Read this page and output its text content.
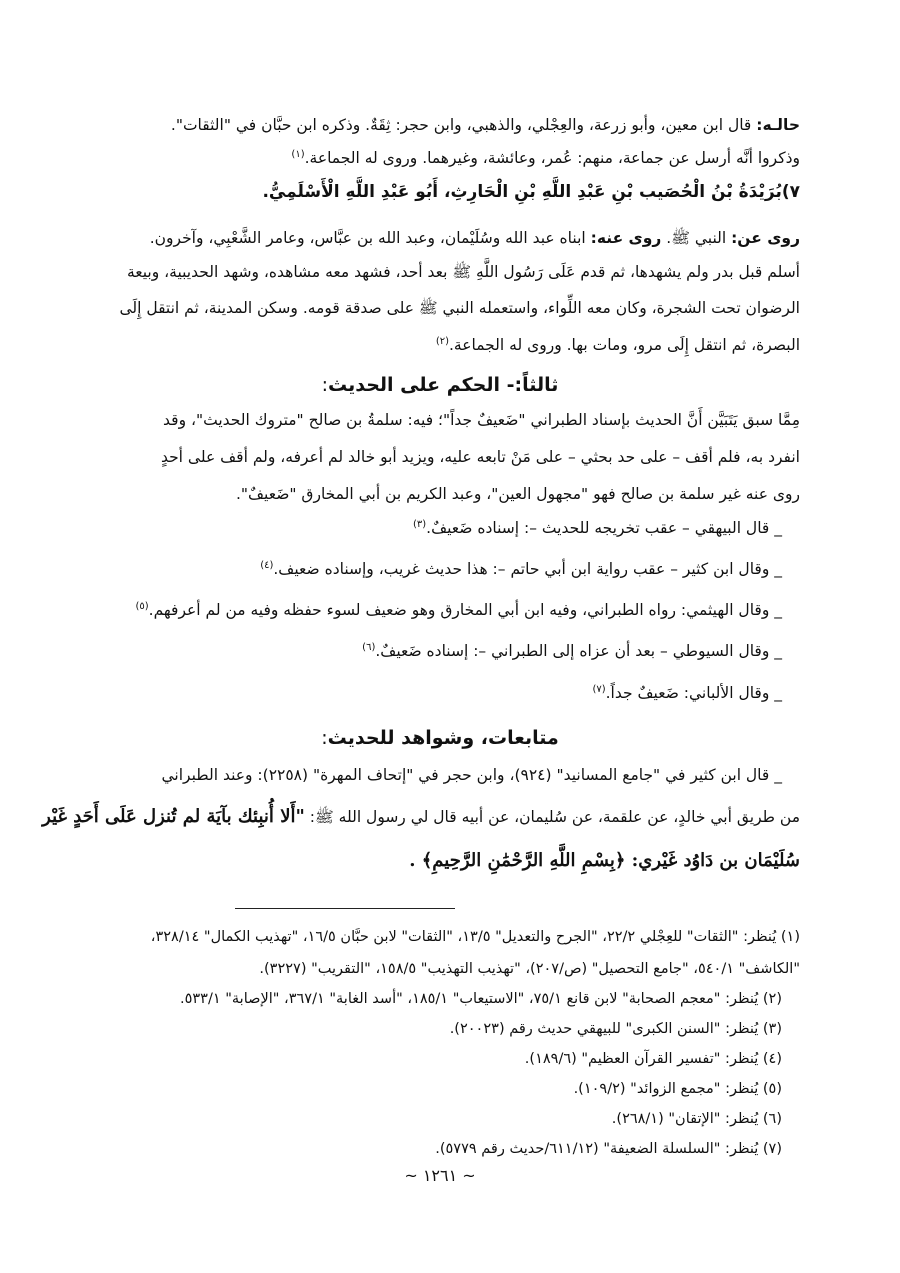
حالـه: قال ابن معين، وأبو زرعة، والعِجْلي، والذهبي، وابن حجر: ثِقَةٌ. وذكره ابن حبَّان في "الثقات".
وذكروا أنَّه أرسل عن جماعة، منهم: عُمر، وعائشة، وغيرهما. وروى له الجماعة.$^{(١)}$
٧)بُرَيْدَةُ بْنُ الْحُصَيب بْنِ عَبْدِ اللَّهِ بْنِ الْحَارِثِ، أَبُو عَبْدِ اللَّهِ الْأَسْلَمِيُّ.
روى عن: النبي ﷺ. روى عنه: ابناه عبد الله وسُلَيْمان، وعبد الله بن عبَّاس، وعامر الشَّعْبِي، وآخرون.
أسلم قبل بدر ولم يشهدها، ثم قدم عَلَى رَسُول اللَّهِ ﷺ بعد أحد، فشهد معه مشاهده، وشهد الحديبية، وبيعة
الرضوان تحت الشجرة، وكان معه اللِّواء، واستعمله النبي ﷺ على صدقة قومه. وسكن المدينة، ثم انتقل إِلَى
البصرة، ثم انتقل إِلَى مرو، ومات بها. وروى له الجماعة.$^{(٢)}$
ثالثاً:- الحكم على الحديث:
مِمَّا سبق يَتَبَيَّن أَنَّ الحديث بإسناد الطبراني "ضَعيفٌ جداً"؛ فيه: سلمةُ بن صالح "متروك الحديث"، وقد
انفرد به، فلم أقف – على حد بحثي – على مَنْ تابعه عليه، ويزيد أبو خالد لم أعرفه، ولم أقف على أحدٍ
روى عنه غير سلمة بن صالح فهو "مجهول العين"، وعبد الكريم بن أبي المخارق "ضَعيفٌ".
_ قال البيهقي – عقب تخريجه للحديث –: إسناده ضَعيفٌ.$^{(٣)}$
_ وقال ابن كثير – عقب رواية ابن أبي حاتم –: هذا حديث غريب، وإسناده ضعيف.$^{(٤)}$
_ وقال الهيثمي: رواه الطبراني، وفيه ابن أبي المخارق وهو ضعيف لسوء حفظه وفيه من لم أعرفهم.$^{(٥)}$
_ وقال السيوطي – بعد أن عزاه إلى الطبراني –: إسناده ضَعيفٌ.$^{(٦)}$
_ وقال الألباني: ضَعيفٌ جداً.$^{(٧)}$
متابعات، وشواهد للحديث:
_ قال ابن كثير في "جامع المسانيد" (٩٢٤)، وابن حجر في "إتحاف المهرة" (٢٢٥٨): وعند الطبراني
من طريق أبي خالدٍ، عن علقمة، عن سُليمان، عن أبيه قال لي رسول الله ﷺ: "أَلا أُنبِئك بآيَة لم تُنزل عَلَى أَحَدٍ غَيْر
سُلَيْمَان بن دَاوُد غَيْري: ﴿بِسْمِ اللَّهِ الرَّحْمَٰنِ الرَّحِيمِ﴾ .
(١) يُنظر: "الثقات" للعِجْلي ٢٢/٢، "الجرح والتعديل" ١٣/٥، "الثقات" لابن حبَّان ١٦/٥، "تهذيب الكمال" ٣٢٨/١٤،
"الكاشف" ٥٤٠/١، "جامع التحصيل" (ص/٢٠٧)، "تهذيب التهذيب" ١٥٨/٥، "التقريب" (٣٢٢٧).
(٢) يُنظر: "معجم الصحابة" لابن قانع ٧٥/١، "الاستيعاب" ١٨٥/١، "أسد الغابة" ٣٦٧/١، "الإصابة" ٥٣٣/١.
(٣) يُنظر: "السنن الكبرى" للبيهقي حديث رقم (٢٠٠٢٣).
(٤) يُنظر: "تفسير القرآن العظيم" (١٨٩/٦).
(٥) يُنظر: "مجمع الزوائد" (١٠٩/٢).
(٦) يُنظر: "الإتقان" (٢٦٨/١).
(٧) يُنظر: "السلسلة الضعيفة" (٦١١/١٢/حديث رقم ٥٧٧٩).
~ ١٢٦١ ~
